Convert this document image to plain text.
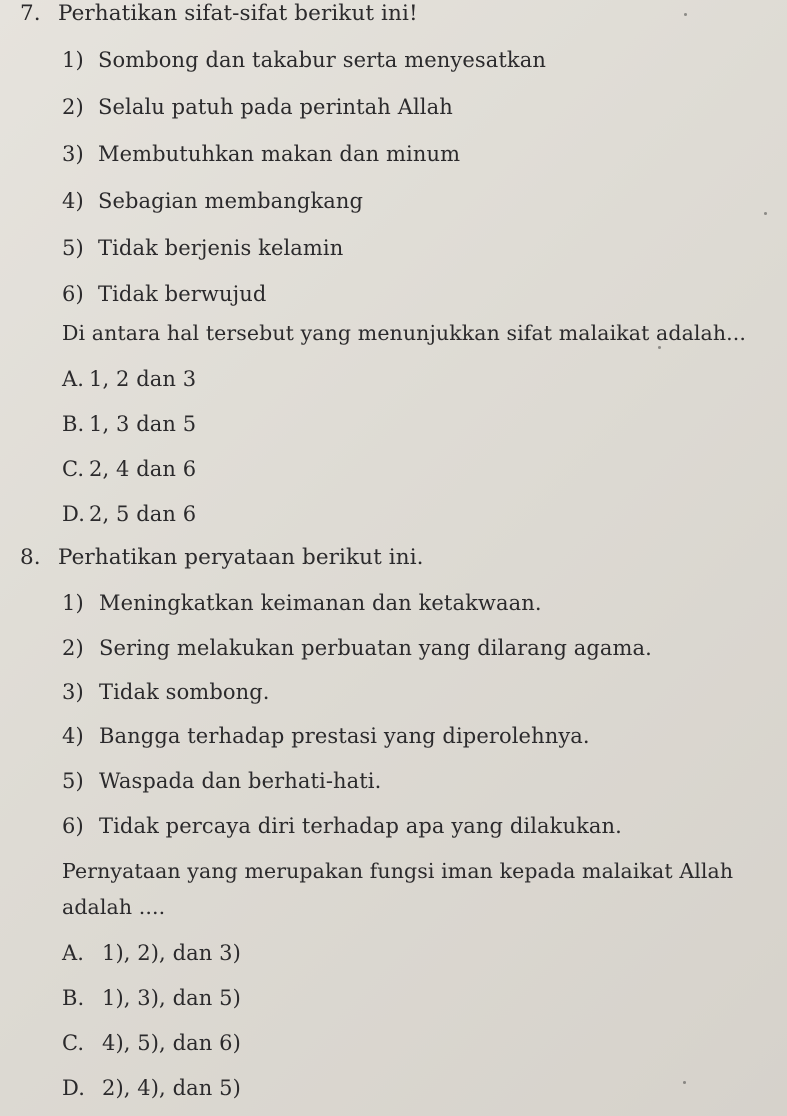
7. Perhatikan sifat-sifat berikut ini!
1) Sombong dan takabur serta menyesatkan
2) Selalu patuh pada perintah Allah
3) Membutuhkan makan dan minum
4) Sebagian membangkang
5) Tidak berjenis kelamin
6) Tidak berwujud
Di antara hal tersebut yang menunjukkan sifat malaikat adalah...
A. 1, 2 dan 3
B. 1, 3 dan 5
C. 2, 4 dan 6
D. 2, 5 dan 6
8. Perhatikan peryataan berikut ini.
1) Meningkatkan keimanan dan ketakwaan.
2) Sering melakukan perbuatan yang dilarang agama.
3) Tidak sombong.
4) Bangga terhadap prestasi yang diperolehnya.
5) Waspada dan berhati-hati.
6) Tidak percaya diri terhadap apa yang dilakukan.
Pernyataan yang merupakan fungsi iman kepada malaikat Allah
adalah ....
A. 1), 2), dan 3)
B. 1), 3), dan 5)
C. 4), 5), dan 6)
D. 2), 4), dan 5)
